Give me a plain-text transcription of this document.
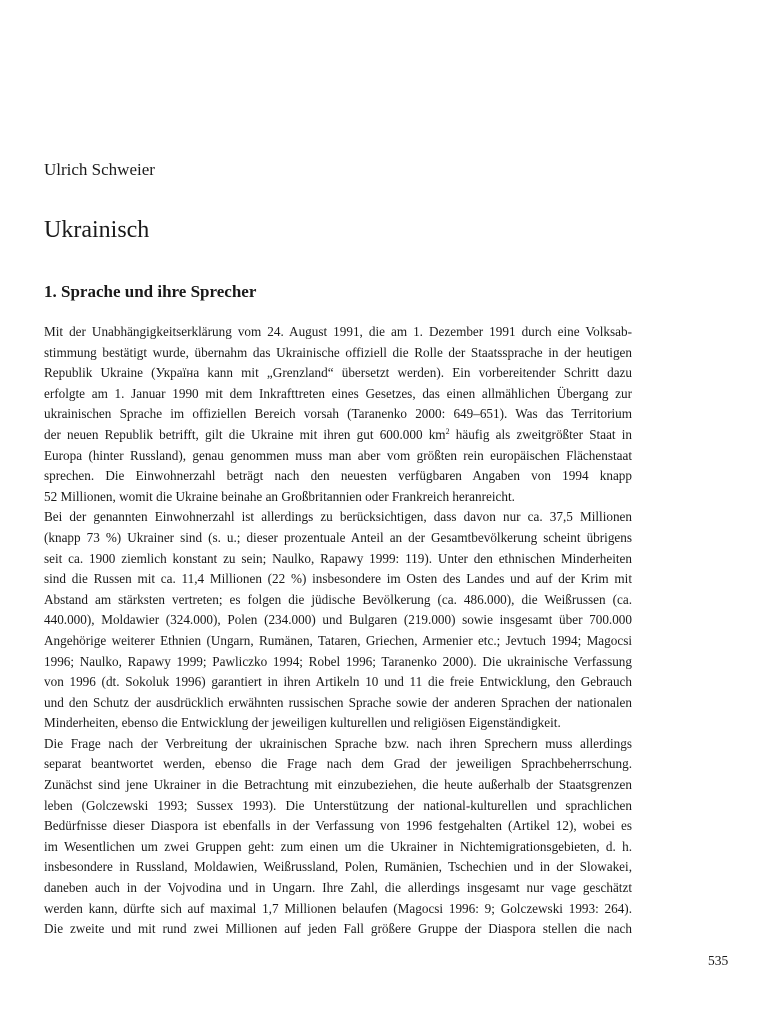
Ulrich Schweier
Ukrainisch
1. Sprache und ihre Sprecher
Mit der Unabhängigkeitserklärung vom 24. August 1991, die am 1. Dezember 1991 durch eine Volksab-
stimmung bestätigt wurde, übernahm das Ukrainische offiziell die Rolle der Staatssprache in der heutigen
Republik Ukraine (Україна kann mit „Grenzland“ übersetzt werden). Ein vorbereitender Schritt dazu
erfolgte am 1. Januar 1990 mit dem Inkrafttreten eines Gesetzes, das einen allmählichen Übergang zur
ukrainischen Sprache im offiziellen Bereich vorsah (Taranenko 2000: 649–651). Was das Territorium
der neuen Republik betrifft, gilt die Ukraine mit ihren gut 600.000 $km^2$ häufig als zweitgrößter Staat in
Europa (hinter Russland), genau genommen muss man aber vom größten rein europäischen Flächenstaat
sprechen. Die Einwohnerzahl beträgt nach den neuesten verfügbaren Angaben von 1994 knapp
52 Millionen, womit die Ukraine beinahe an Großbritannien oder Frankreich heranreicht.
Bei der genannten Einwohnerzahl ist allerdings zu berücksichtigen, dass davon nur ca. 37,5 Millionen
(knapp 73 %) Ukrainer sind (s. u.; dieser prozentuale Anteil an der Gesamtbevölkerung scheint übrigens
seit ca. 1900 ziemlich konstant zu sein; Naulko, Rapawy 1999: 119). Unter den ethnischen Minderheiten
sind die Russen mit ca. 11,4 Millionen (22 %) insbesondere im Osten des Landes und auf der Krim mit
Abstand am stärksten vertreten; es folgen die jüdische Bevölkerung (ca. 486.000), die Weißrussen (ca.
440.000), Moldawier (324.000), Polen (234.000) und Bulgaren (219.000) sowie insgesamt über 700.000
Angehörige weiterer Ethnien (Ungarn, Rumänen, Tataren, Griechen, Armenier etc.; Jevtuch 1994; Magocsi
1996; Naulko, Rapawy 1999; Pawliczko 1994; Robel 1996; Taranenko 2000). Die ukrainische Verfassung
von 1996 (dt. Sokoluk 1996) garantiert in ihren Artikeln 10 und 11 die freie Entwicklung, den Gebrauch
und den Schutz der ausdrücklich erwähnten russischen Sprache sowie der anderen Sprachen der nationalen
Minderheiten, ebenso die Entwicklung der jeweiligen kulturellen und religiösen Eigenständigkeit.
Die Frage nach der Verbreitung der ukrainischen Sprache bzw. nach ihren Sprechern muss allerdings
separat beantwortet werden, ebenso die Frage nach dem Grad der jeweiligen Sprachbeherrschung.
Zunächst sind jene Ukrainer in die Betrachtung mit einzubeziehen, die heute außerhalb der Staatsgrenzen
leben (Golczewski 1993; Sussex 1993). Die Unterstützung der national-kulturellen und sprachlichen
Bedürfnisse dieser Diaspora ist ebenfalls in der Verfassung von 1996 festgehalten (Artikel 12), wobei es
im Wesentlichen um zwei Gruppen geht: zum einen um die Ukrainer in Nichtemigrationsgebieten, d. h.
insbesondere in Russland, Moldawien, Weißrussland, Polen, Rumänien, Tschechien und in der Slowakei,
daneben auch in der Vojvodina und in Ungarn. Ihre Zahl, die allerdings insgesamt nur vage geschätzt
werden kann, dürfte sich auf maximal 1,7 Millionen belaufen (Magocsi 1996: 9; Golczewski 1993: 264).
Die zweite und mit rund zwei Millionen auf jeden Fall größere Gruppe der Diaspora stellen die nach
535
